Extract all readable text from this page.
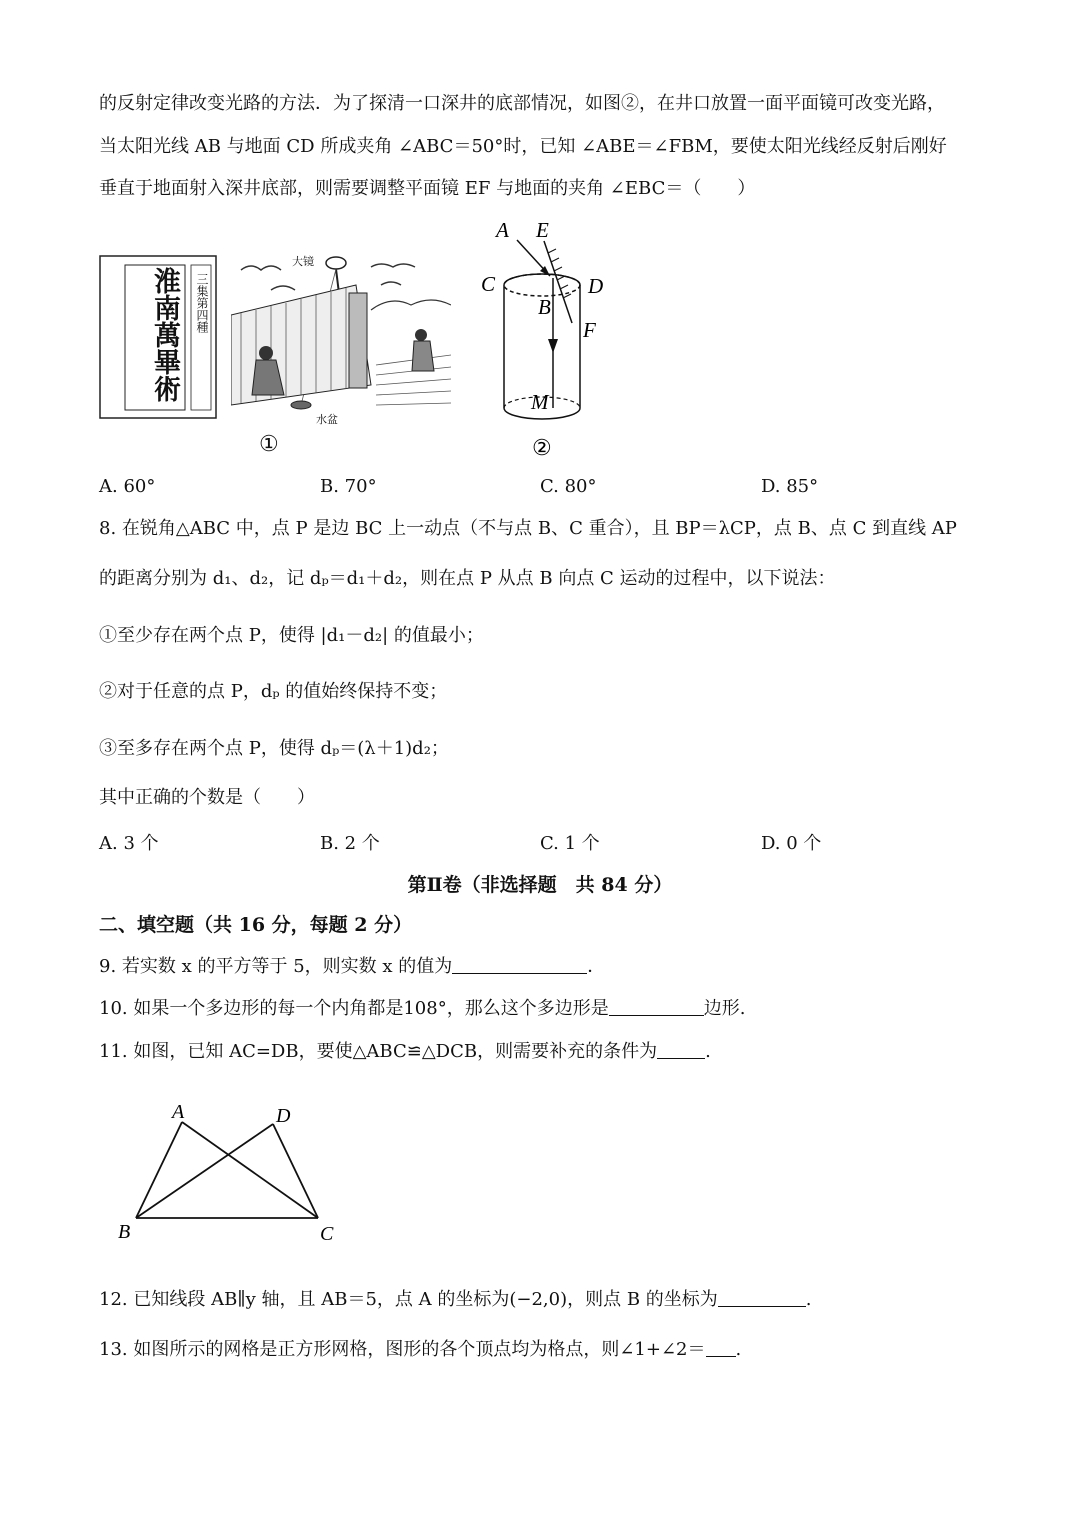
的反射定律改变光路的方法．为了探清一口深井的底部情况，如图②，在井口放置一面平面镜可改变光路，
当太阳光线 AB 与地面 CD 所成夹角 ∠ABC＝50°时，已知 ∠ABE＝∠FBM，要使太阳光线经反射后刚好
垂直于地面射入深井底部，则需要调整平面镜 EF 与地面的夹角 ∠EBC＝（　　）
淮南萬畢術 三集第四種
大镜
水盆
①
A E
C	D
B
F
M
②
A. 60°	B. 70°	C. 80°	D. 85°
8. 在锐角△ABC 中，点 P 是边 BC 上一动点（不与点 B、C 重合），且 BP＝λCP，点 B、点 C 到直线 AP
的距离分别为 d₁、d₂，记 dₚ＝d₁＋d₂，则在点 P 从点 B 向点 C 运动的过程中，以下说法：
①至少存在两个点 P，使得 |d₁－d₂| 的值最小；
②对于任意的点 P，dₚ 的值始终保持不变；
③至多存在两个点 P，使得 dₚ＝(λ＋1)d₂；
其中正确的个数是（　　）
A. 3 个	B. 2 个	C. 1 个	D. 0 个
第Ⅱ卷（非选择题　共 84 分）
二、填空题（共 16 分，每题 2 分）
9. 若实数 x 的平方等于 5，则实数 x 的值为	．
10. 如果一个多边形的每一个内角都是108°，那么这个多边形是	边形.
11. 如图，已知 AC=DB，要使△ABC≌△DCB，则需要补充的条件为	.
A	D
B	C
12. 已知线段 AB∥y 轴，且 AB＝5，点 A 的坐标为(−2,0)，则点 B 的坐标为	.
13. 如图所示的网格是正方形网格，图形的各个顶点均为格点，则∠1+∠2＝ .
